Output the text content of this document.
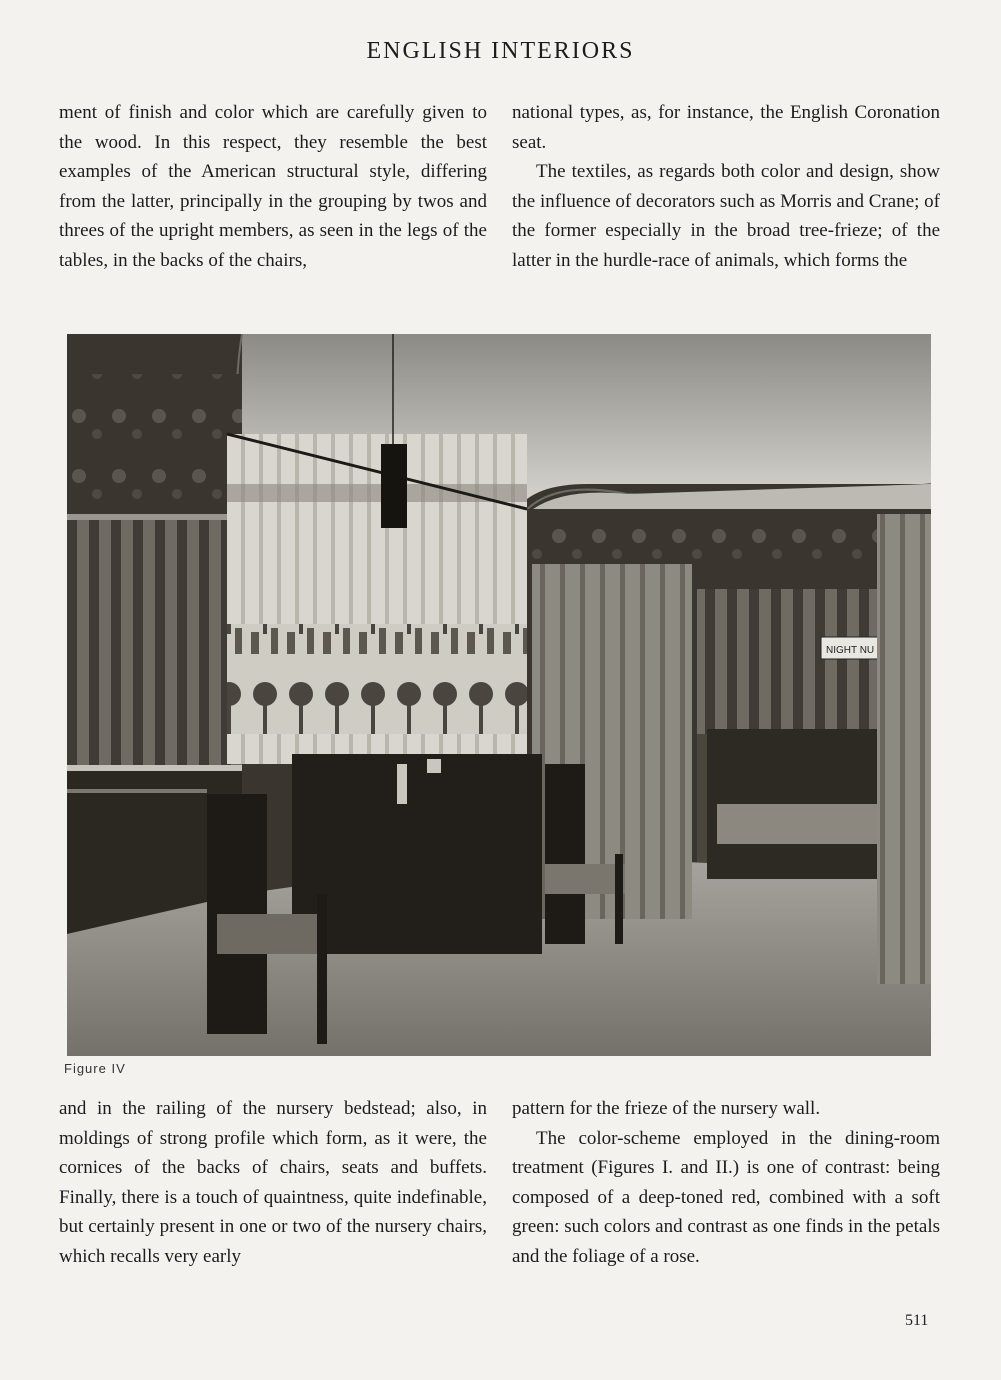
ENGLISH INTERIORS

ment of finish and color which are carefully given to the wood. In this respect, they resemble the best examples of the American structural style, differing from the latter, principally in the grouping by twos and threes of the upright members, as seen in the legs of the tables, in the backs of the chairs,

national types, as, for instance, the English Coronation seat.

The textiles, as regards both color and design, show the influence of decorators such as Morris and Crane; of the former especially in the broad tree-frieze; of the latter in the hurdle-race of animals, which forms the

NIGHT NU
Figure IV

and in the railing of the nursery bedstead; also, in moldings of strong profile which form, as it were, the cornices of the backs of chairs, seats and buffets. Finally, there is a touch of quaintness, quite indefinable, but certainly present in one or two of the nursery chairs, which recalls very early

pattern for the frieze of the nursery wall.

The color-scheme employed in the dining-room treatment (Figures I. and II.) is one of contrast: being composed of a deep-toned red, combined with a soft green: such colors and contrast as one finds in the petals and the foliage of a rose.

511
